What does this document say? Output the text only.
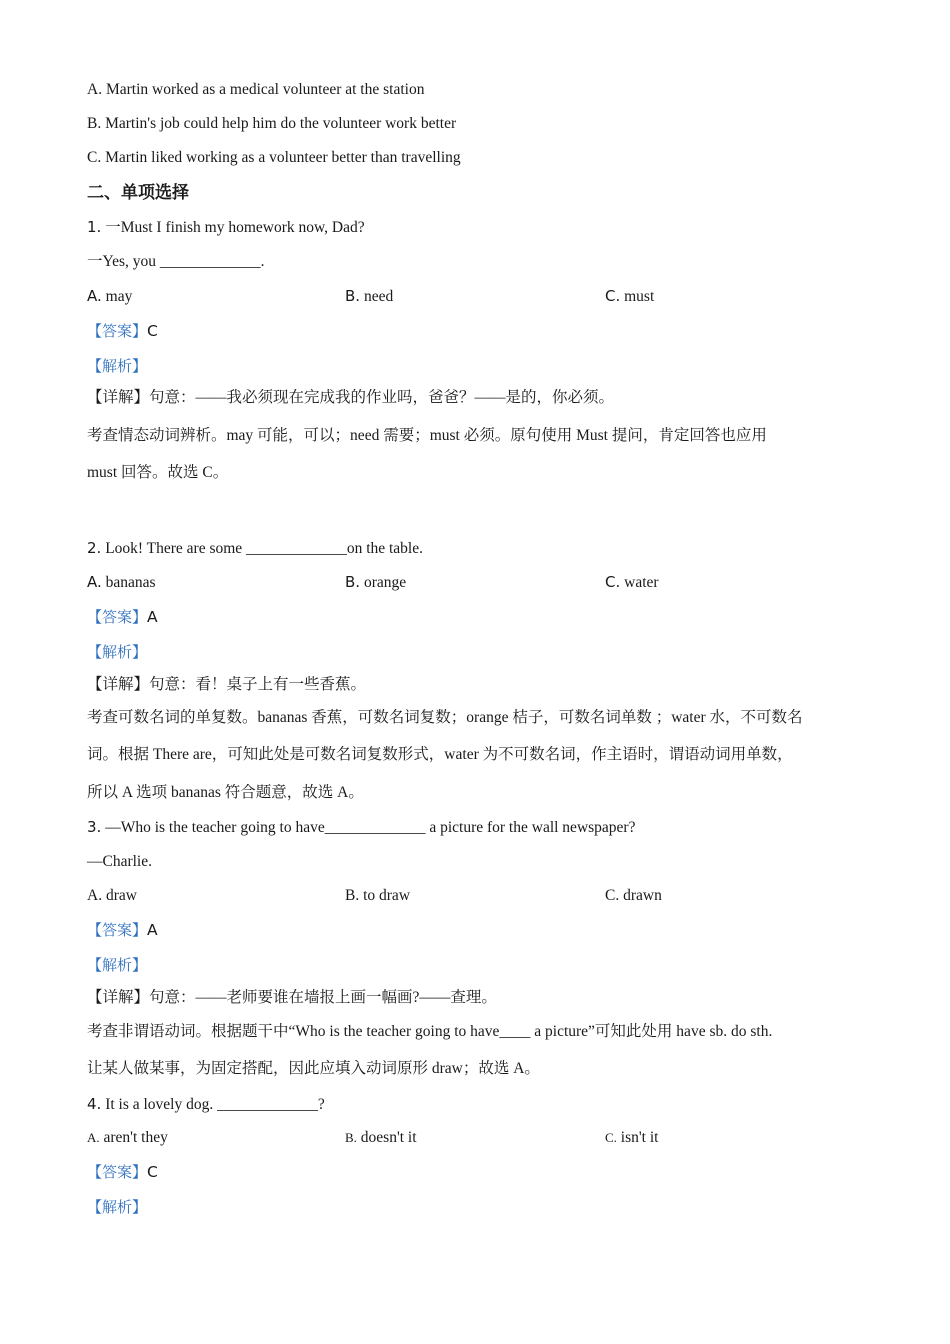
A. Martin worked as a medical volunteer at the station
B. Martin's job could help him do the volunteer work better
C. Martin liked working as a volunteer better than travelling
二、单项选择
1. 一Must I finish my homework now, Dad?
一Yes, you _____________.
A. may	B. need	C. must
【答案】C
【解析】
【详解】句意：——我必须现在完成我的作业吗，爸爸？——是的，你必须。
考查情态动词辨析。may 可能，可以；need 需要；must 必须。原句使用 Must 提问，肯定回答也应用
must 回答。故选 C。
2. Look! There are some _____________on the table.
A. bananas	B. orange	C. water
【答案】A
【解析】
【详解】句意：看！桌子上有一些香蕉。
考查可数名词的单复数。bananas 香蕉，可数名词复数；orange 桔子，可数名词单数 ；water 水，不可数名
词。根据 There are，可知此处是可数名词复数形式，water 为不可数名词，作主语时，谓语动词用单数，
所以 A 选项 bananas 符合题意，故选 A。
3. —Who is the teacher going to have_____________ a picture for the wall newspaper?
—Charlie.
A. draw	B. to draw	C. drawn
【答案】A
【解析】
【详解】句意：——老师要谁在墙报上画一幅画?——查理。
考查非谓语动词。根据题干中“Who is the teacher going to have____ a picture”可知此处用 have sb. do sth.
让某人做某事，为固定搭配，因此应填入动词原形 draw；故选 A。
4. It is a lovely dog. _____________?
A. aren't they	B. doesn't it	C. isn't it
【答案】C
【解析】
